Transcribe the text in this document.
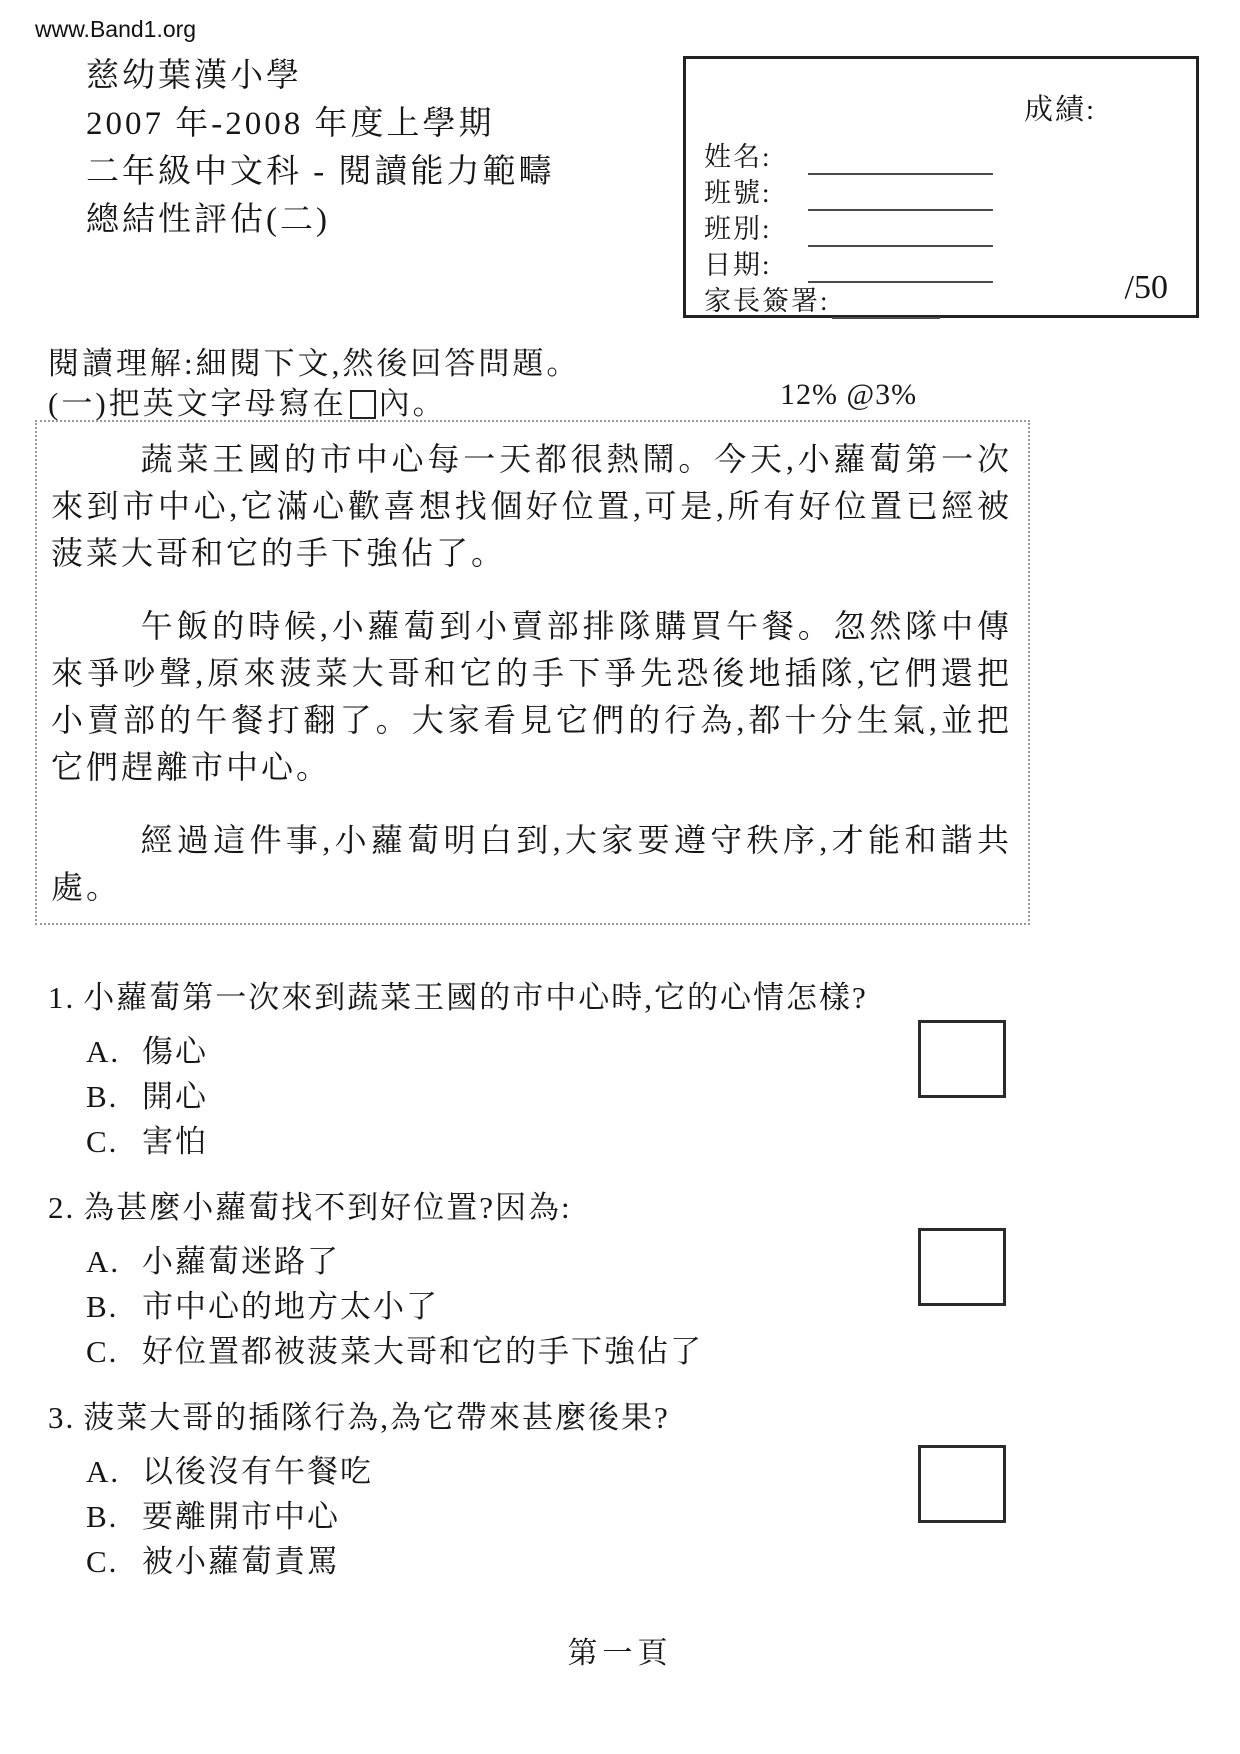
www.Band1.org
慈幼葉漢小學
2007 年-2008 年度上學期
二年級中文科 - 閱讀能力範疇
總結性評估(二)
成績:
姓名:
班號:
班別:
日期:
家長簽署:	/50
閱讀理解:細閱下文,然後回答問題。
(一)把英文字母寫在 內。	12% @3%

蔬菜王國的市中心每一天都很熱鬧。今天,小蘿蔔第一次來到市中心,它滿心歡喜想找個好位置,可是,所有好位置已經被菠菜大哥和它的手下強佔了。

午飯的時候,小蘿蔔到小賣部排隊購買午餐。忽然隊中傳來爭吵聲,原來菠菜大哥和它的手下爭先恐後地插隊,它們還把小賣部的午餐打翻了。大家看見它們的行為,都十分生氣,並把它們趕離市中心。

經過這件事,小蘿蔔明白到,大家要遵守秩序,才能和諧共處。

1. 小蘿蔔第一次來到蔬菜王國的市中心時,它的心情怎樣?
A. 傷心
B. 開心
C. 害怕
2. 為甚麼小蘿蔔找不到好位置?因為:
A. 小蘿蔔迷路了
B. 市中心的地方太小了
C. 好位置都被菠菜大哥和它的手下強佔了
3. 菠菜大哥的插隊行為,為它帶來甚麼後果?
A. 以後沒有午餐吃
B. 要離開市中心
C. 被小蘿蔔責罵
第一頁
